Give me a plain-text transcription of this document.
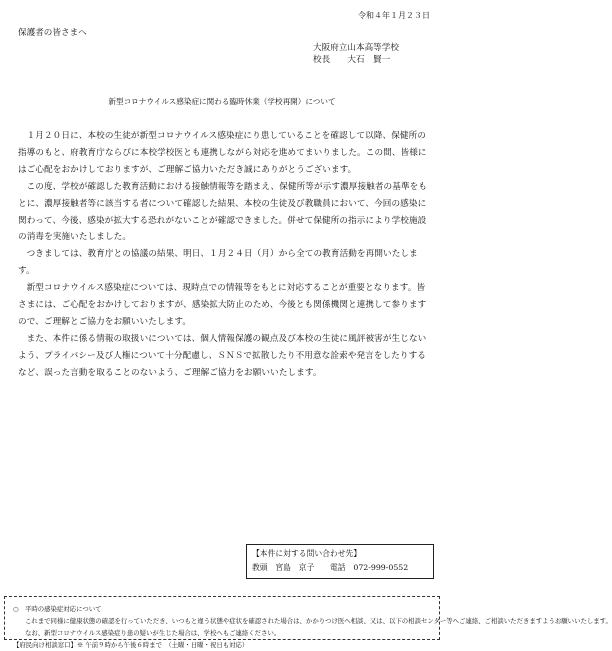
令和４年１月２３日
保護者の皆さまへ
大阪府立山本高等学校
校長　　大石　賢一
新型コロナウイルス感染症に関わる臨時休業（学校再開）について

１月２０日に、本校の生徒が新型コロナウイルス感染症にり患していることを確認して以降、保健所の指導のもと、府教育庁ならびに本校学校医とも連携しながら対応を進めてまいりました。この間、皆様にはご心配をおかけしておりますが、ご理解ご協力いただき誠にありがとうございます。

この度、学校が確認した教育活動における接触情報等を踏まえ、保健所等が示す濃厚接触者の基準をもとに、濃厚接触者等に該当する者について確認した結果、本校の生徒及び教職員において、今回の感染に関わって、今後、感染が拡大する恐れがないことが確認できました。併せて保健所の指示により学校施設の消毒を実施いたしました。

つきましては、教育庁との協議の結果、明日、１月２４日（月）から全ての教育活動を再開いたします。

新型コロナウイルス感染症については、現時点での情報等をもとに対応することが重要となります。皆さまには、ご心配をおかけしておりますが、感染拡大防止のため、今後とも関係機関と連携して参りますので、ご理解とご協力をお願いいたします。

また、本件に係る情報の取扱いについては、個人情報保護の観点及び本校の生徒に風評被害が生じないよう、プライバシー及び人権について十分配慮し、ＳＮＳで拡散したり不用意な詮索や発言をしたりするなど、誤った言動を取ることのないよう、ご理解ご協力をお願いいたします。

【本件に対する問い合わせ先】
教頭　宮島　京子　　電話　072-999-0552
○　平時の感染症対応について
これまで同様に健康状態の確認を行っていただき、いつもと違う状態や症状を確認された場合は、かかりつけ医へ相談、又は、以下の相談センター等へご連絡、ご相談いただきますようお願いいたします。
なお、新型コロナウイルス感染症り患の疑いが生じた場合は、学校へもご連絡ください。
【府民向け相談窓口】※ 午前９時から午後６時まで　（土曜・日曜・祝日も対応）
